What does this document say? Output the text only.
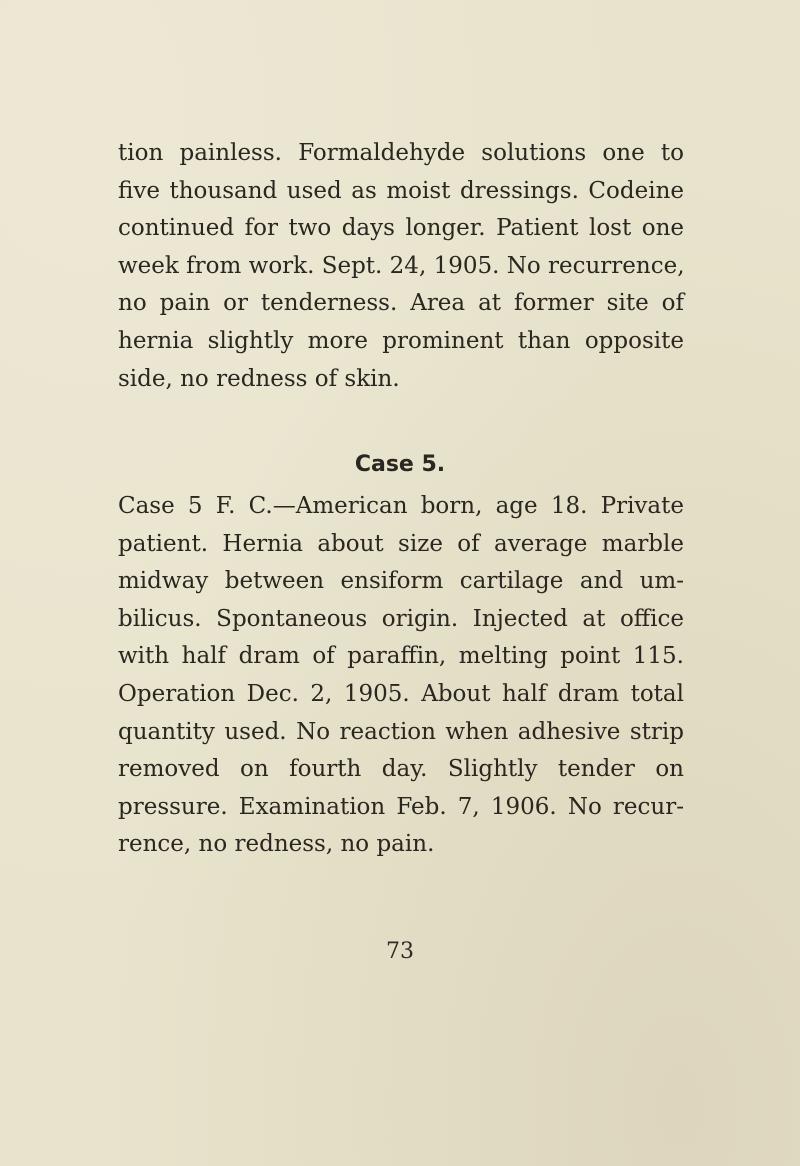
tion painless. Formaldehyde solutions one to
five thousand used as moist dressings. Codeine
continued for two days longer. Patient lost one
week from work. Sept. 24, 1905. No recurrence,
no pain or tenderness. Area at former site of
hernia slightly more prominent than opposite
side, no redness of skin.
Case 5.
Case 5 F. C.—American born, age 18. Private
patient. Hernia about size of average marble
midway between ensiform cartilage and um-
bilicus. Spontaneous origin. Injected at office
with half dram of paraffin, melting point 115.
Operation Dec. 2, 1905. About half dram total
quantity used. No reaction when adhesive strip
removed on fourth day. Slightly tender on
pressure. Examination Feb. 7, 1906. No recur-
rence, no redness, no pain.
73
